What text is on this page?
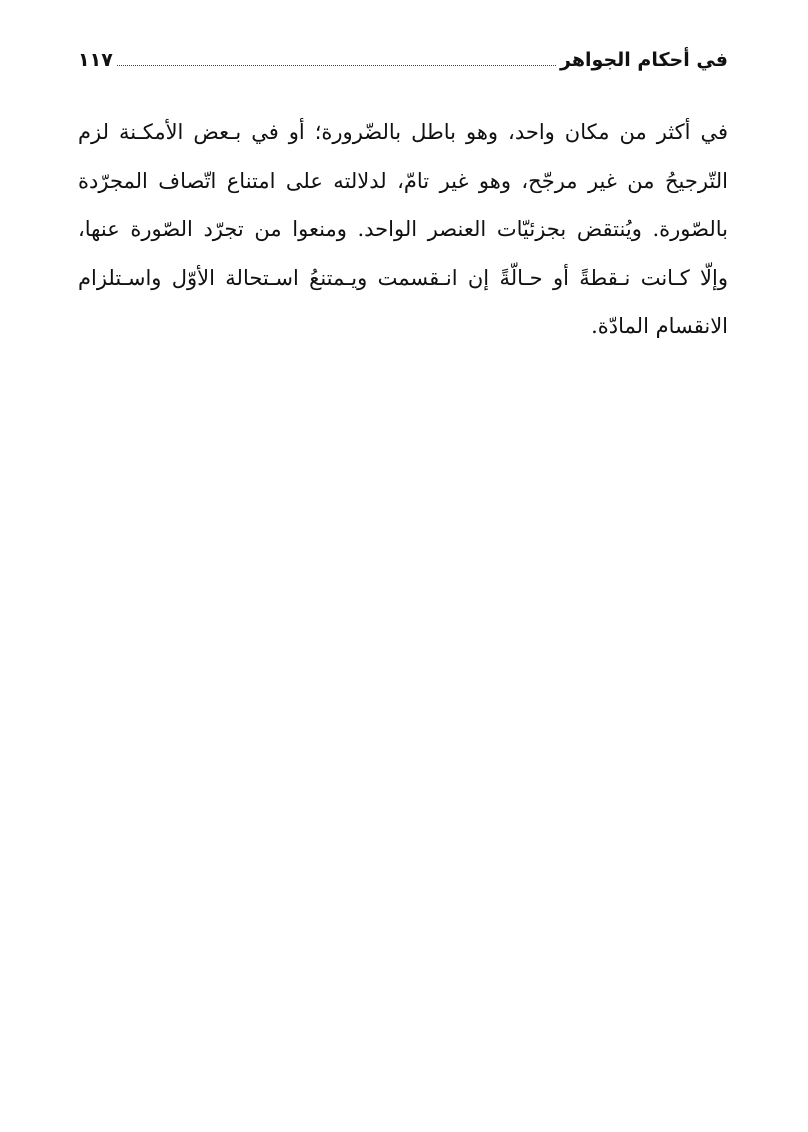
في أحكام الجواهر
١١٧
في أكثر من مكان واحد، وهو باطل بالضّرورة؛ أو في بـعض الأمكـنة لزم
التّرجيحُ من غير مرجّح، وهو غير تامّ، لدلالته على امتناع اتّصاف المجرّدة
بالصّورة. ويُنتقض بجزئيّات العنصر الواحد. ومنعوا من تجرّد الصّورة عنها،
وإلّا كـانت نـقطةً أو حـالّةً إن انـقسمت ويـمتنعُ اسـتحالة الأوّل واسـتلزام
الانقسام المادّة.
